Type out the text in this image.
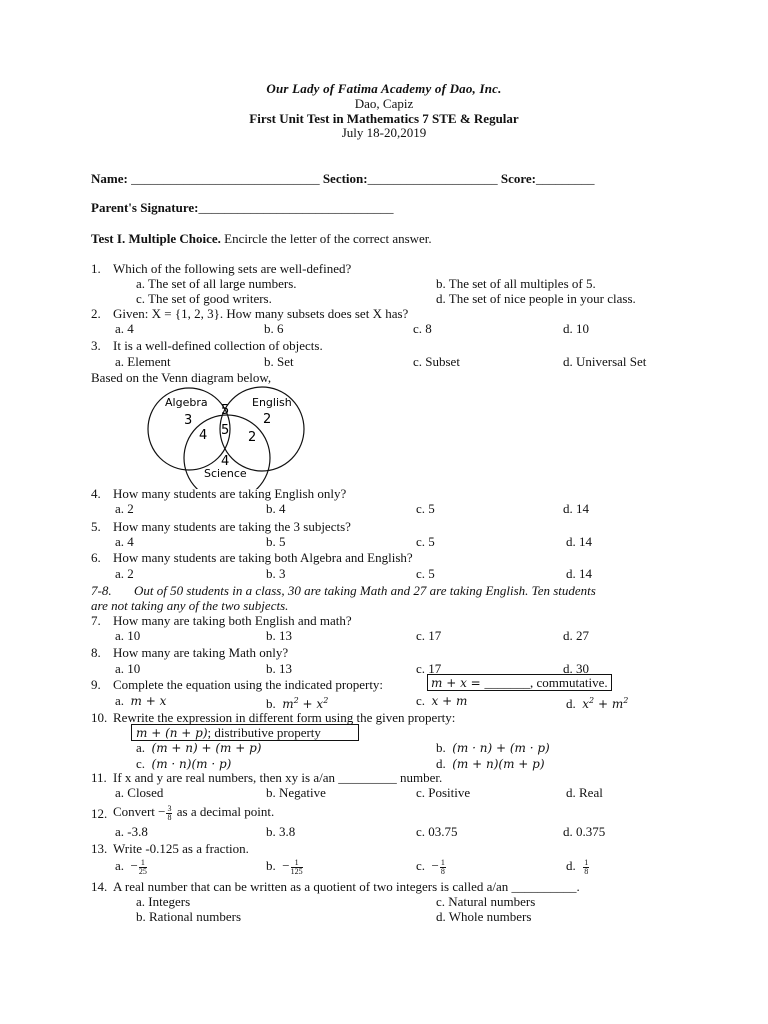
Our Lady of Fatima Academy of Dao, Inc.
Dao, Capiz
First Unit Test in Mathematics 7 STE & Regular
July 18-20,2019
Name: _____________________________ Section:____________________ Score:_________
Parent's Signature:______________________________
Test I. Multiple Choice. Encircle the letter of the correct answer.
1. Which of the following sets are well-defined?
a. The set of all large numbers.	b. The set of all multiples of 5.
c. The set of good writers.	d. The set of nice people in your class.
2. Given: X = {1, 2, 3}. How many subsets does set X has?
a. 4	b. 6	c. 8	d. 10
3. It is a well-defined collection of objects.
a. Element	b. Set	c. Subset	d. Universal Set
Based on the Venn diagram below,
Algebra	English
Science
3	2
4
5
4	2
5
4. How many students are taking English only?
a. 2	b. 4	c. 5	d. 14
5. How many students are taking the 3 subjects?
a. 4	b. 5	c. 5	d. 14
6. How many students are taking both Algebra and English?
a. 2	b. 3	c. 5	d. 14
7-8. Out of 50 students in a class, 30 are taking Math and 27 are taking English. Ten students
are not taking any of the two subjects.
7. How many are taking both English and math?
a. 10	b. 13	c. 17	d. 27
8. How many are taking Math only?
a. 10	b. 13	c. 17	d. 30
9. Complete the equation using the indicated property:	m + x = _______, commutative.
a. m + x	b. $m^2 + x^2$	c. x + m	d. $x^2 + m^2$
10. Rewrite the expression in different form using the given property:
m + (n + p); distributive property
a. (m + n) + (m + p)	b. (m · n) + (m · p)
c. (m · n)(m · p)	d. (m + n)(m + p)
11. If x and y are real numbers, then xy is a/an _________ number.
a. Closed	b. Negative	c. Positive	d. Real
12. Convert − $\frac{3}{8}$ as a decimal point.
a. -3.8	b. 3.8	c. 03.75	d. 0.375
13. Write -0.125 as a fraction.
a. − $\frac{1}{25}$	b. − $\frac{1}{125}$	c. − $\frac{1}{8}$	d. $\frac{1}{8}$
14. A real number that can be written as a quotient of two integers is called a/an __________.
a. Integers	c. Natural numbers
b. Rational numbers	d. Whole numbers
